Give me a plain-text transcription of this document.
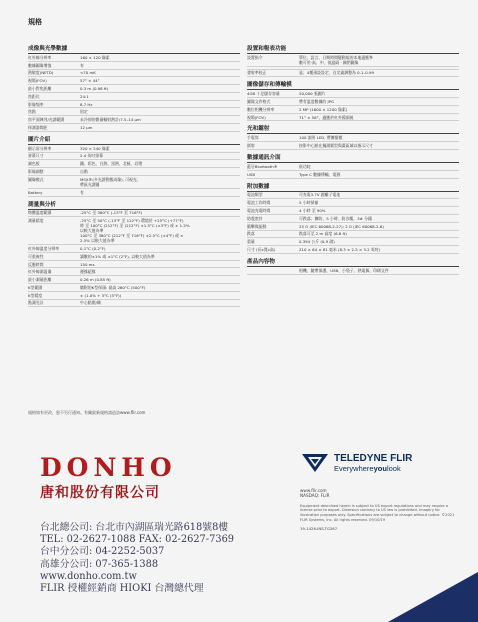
規格
成像與光學數據
紅外線分辨率	160 × 120 像素
數據圖像增強	有
熱敏度(NETD)	<70 mK
視場(FOV)	57° × 44°
最小對焦距離	0.3 m (0.98 ft)
焦距比	24:1
影像頻率	8.7 Hz
焦點	固定
焦平面陣列/光譜範圍	未冷卻的微量輻射熱計/7.5–14 μm
探測器間距	12 μm
圖片介紹
顯示屏分辨率	320 × 240 像素
螢幕尺寸	2.4 英吋螢幕
調色板	鐵、彩色、白熱、黑熱、北極、岩漿
影像調整	自動
圖像模式	MSX®(多光譜動態成像), 可視光、
帶區光譜圖
Battery	有
測量與分析
物體溫度範圍	-25°C 至 380°C (-13°F 至 716°F)
測量精度	-25°C 至 50°C (-13°F 至 122°F) 環境於 +25°C (+77°F)
時 至 100°C (212°F) 至 (212°F) ±1.5°C (±3°F) 或 ± 1.5%
以較大值為準
100°C 至 380°C (212°F 至 716°F) ±2.5°C (±4°F) 或 ±
2.5% 以較大值為準
紅外線溫度分辨率	0.1°C (0.2°F)
可重複性	讀數的±1% 或 ±1°C (2°F), 以較大值為準
反應時間	150 ms
紅外線測溫儀	邊緣絕緣
最小測量距離	0.26 m (0.85 ft)
K型範圍	隨附的K型探頭: 最高 260°C (500°F)
K型精度	± (1.0% + 3°C (5°F))
點測光計	中心點開/關
設置和報表功能
設置指令	單位、語言、日期時間變動規的本地適應參
數可用·高、中、低溫隔 · 關閉圖像
發射率校正	是；4種預設設定，自定義調整為 0.1–0.99
圖像儲存和傳輸模
4GB 十足儲存容量	50,000 張圖片
圖像文件格式	帶有溫度數據的 JPG
數位相機分辨率	2 MP (1600 × 1200 像素)
視場(FOV)	71° × 56°，適應於紅外鏡頭視
光和鐳射
手電筒	100 流明 LED, 帶擴擋模
鐳射	按影中心點在獨測鐳型與畫區域以指示尺寸
數據通訊介面
藍牙Bluetooth®	低功耗
USB	Type C 數據傳輸、電源
附加數據
電池類型	可充電3.7V 鋰離子電池
電池工作時間	5 小時掃描
電池充電時間	4 小時 至 90%
防震密封	可跌落；擴防、5 小時、防沙塵，3# 分鐘
衝擊與振動	25 G (IEC 60068-2-27); 2 G (IEC 60068-2-6)
跌落	跌落可至 2 m 高度 (6.6 ft)
重量	0.394 公斤 (0.9 磅)
尺寸 (長x寬x高)	210 × 64 × 81 毫米 (8.3 × 2.5 × 3.2 英吋)
產品內容物
相機、隨帶保護、USB、小袋子、熱電偶、印刷文件
規格如有更改，恕不另行通知。有關最新規格請造訪www.flir.com
DONHO
唐和股份有限公司
台北總公司: 台北市內湖區瑞光路618號8樓
TEL: 02-2627-1088 FAX: 02-2627-7369
台中分公司: 04-2252-5037
高雄分公司: 07-365-1388
www.donho.com.tw
FLIR 授權經銷商 HIOKI 台灣總代理
TELEDYNE FLIR
Everywhereyoulook
www.flir.com
NASDAQ: FLIR
Equipment described herein is subject to US export regulations and may require a license prior to export. Diversion contrary to US law is prohibited. Imagery for illustration purposes only. Specifications are subject to change without notice. ©2021 FLIR Systems, Inc. All rights reserved. 09/10/19
19-1426-INS-TG267
